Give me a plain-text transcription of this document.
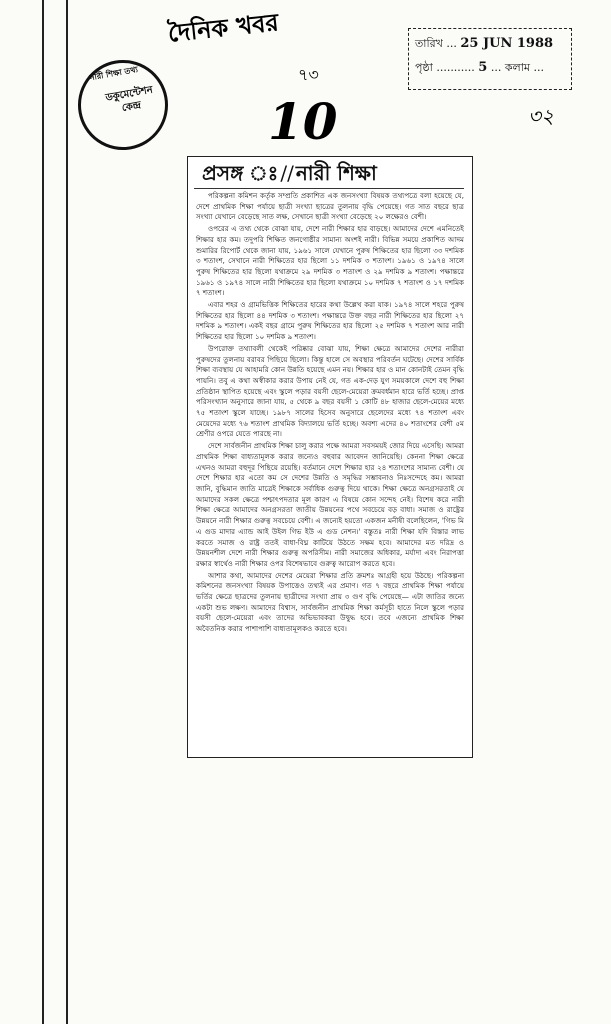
দৈনিক খবর
৭৩
10	৩২
নারী শিক্ষা তথ্য
ডকুমেন্টেশন কেন্দ্র
তারিখ ... 25 JUN 1988
পৃষ্ঠা ........... 5 ... কলাম ...
প্রসঙ্গ ঃ // নারী শিক্ষা

পরিকল্পনা কমিশন কর্তৃক সম্প্রতি প্রকাশিত এক জনসংখ্যা বিষয়ক তথ্যপত্রে বলা হয়েছে যে, দেশে প্রাথমিক শিক্ষা পর্যায়ে ছাত্রী সংখ্যা ছাত্রের তুলনায় বৃদ্ধি পেয়েছে। গত সাত বছরে ছাত্র সংখ্যা যেখানে বেড়েছে সাত লক্ষ, সেখানে ছাত্রী সংখ্যা বেড়েছে ২০ লক্ষেরও বেশী।

ওপরের এ তথ্য থেকে বোঝা যায়, দেশে নারী শিক্ষার হার বাড়ছে। আমাদের দেশে এমনিতেই শিক্ষার হার কম। তদুপরি শিক্ষিত জনগোষ্ঠীর সামান্য অংশই নারী। বিভিন্ন সময়ে প্রকাশিত আদম শুমারির রিপোর্ট থেকে জানা যায়, ১৯৬১ সালে যেখানে পুরুষ শিক্ষিতের হার ছিলো ৩৩ দশমিক ৩ শতাংশ, সেখানে নারী শিক্ষিতের হার ছিলো ১১ দশমিক ৩ শতাংশ। ১৯৬১ ও ১৯৭৪ সালে পুরুষ শিক্ষিতের হার ছিলো যথাক্রমে ২৯ দশমিক ৩ শতাংশ ও ২৯ দশমিক ৯ শতাংশ। পক্ষান্তরে ১৯৬১ ও ১৯৭৪ সালে নারী শিক্ষিতের হার ছিলো যথাক্রমে ১০ দশমিক ৭ শতাংশ ও ১৭ দশমিক ৭ শতাংশ।

এবার শহর ও গ্রামভিত্তিক শিক্ষিতের হারের কথা উল্লেখ করা যাক। ১৯৭৪ সালে শহরে পুরুষ শিক্ষিতের হার ছিলো ৪৪ দশমিক ৩ শতাংশ। পক্ষান্তরে উক্ত বছর নারী শিক্ষিতের হার ছিলো ২৭ দশমিক ৯ শতাংশ। একই বছর গ্রামে পুরুষ শিক্ষিতের হার ছিলো ২৫ দশমিক ৭ শতাংশ আর নারী শিক্ষিতের হার ছিলো ১০ দশমিক ৯ শতাংশ।

উপরোক্ত তথ্যাবলী থেকেই পরিষ্কার বোঝা যায়, শিক্ষা ক্ষেত্রে আমাদের দেশের নারীরা পুরুষদের তুলনায় বরাবর পিছিয়ে ছিলো। কিন্তু হালে সে অবস্থার পরিবর্তন ঘটেছে। দেশের সার্বিক শিক্ষা ব্যবস্থায় যে আহামরি কোন উন্নতি হয়েছে এমন নয়। শিক্ষার হার ও মান কোনটাই তেমন বৃদ্ধি পায়নি। তবু এ কথা অস্বীকার করার উপায় নেই যে, গত এক-দেড় যুগ সময়কালে দেশে বহু শিক্ষা প্রতিষ্ঠান স্থাপিত হয়েছে এবং স্কুলে পড়ার বয়সী ছেলে-মেয়েরা ক্রমবর্ধমান হারে ভর্তি হচ্ছে। প্রাপ্ত পরিসংখ্যান অনুসারে জানা যায়, ৫ থেকে ৯ বছর বয়সী ১ কোটি ৪৮ হাজার ছেলে-মেয়ের মধ্যে ৭৫ শতাংশ স্কুলে যাচ্ছে। ১৯৮৭ সালের হিসেব অনুসারে ছেলেদের মধ্যে ৭৪ শতাংশ এবং মেয়েদের মধ্যে ৭৬ শতাংশ প্রাথমিক বিদ্যালয়ে ভর্তি হচ্ছে। অবশ্য এদের ৪০ শতাংশের বেশী ৫ম শ্রেণীর ওপরে যেতে পারছে না।

দেশে সার্বজনীন প্রাথমিক শিক্ষা চালু করার পক্ষে আমরা সবসময়ই জোর দিয়ে এসেছি। আমরা প্রাথমিক শিক্ষা বাধ্যতামূলক করার জন্যেও বহুবার আবেদন জানিয়েছি। কেননা শিক্ষা ক্ষেত্রে এখনও আমরা বহুদূর পিছিয়ে রয়েছি। বর্তমানে দেশে শিক্ষার হার ২৪ শতাংশের সামান্য বেশী। যে দেশে শিক্ষার হার এতো কম সে দেশের উন্নতি ও সমৃদ্ধির সম্ভাবনাও নিঃসন্দেহে কম। আমরা জানি, বুদ্ধিমান জাতি মাত্রেই শিক্ষাকে সর্বাধিক গুরুত্ব দিয়ে থাকে। শিক্ষা ক্ষেত্রে অনগ্রসরতাই যে আমাদের সকল ক্ষেত্রে পশ্চাৎপদতার মূল কারণ এ বিষয়ে কোন সন্দেহ নেই। বিশেষ করে নারী শিক্ষা ক্ষেত্রে আমাদের অনগ্রসরতা জাতীয় উন্নয়নের পথে সবচেয়ে বড় বাধা। সমাজ ও রাষ্ট্রের উন্নয়নে নারী শিক্ষার গুরুত্ব সবচেয়ে বেশী। এ জন্যেই হয়তো একজন মনীষী বলেছিলেন, 'গিভ মি এ গুড মাদার এ্যান্ড আই উইল গিভ ইউ এ গুড নেশন।' বস্তুতঃ নারী শিক্ষা যদি বিস্তার লাভ করতে সমাজ ও রাষ্ট্র ততই বাধা-বিঘ্ন কাটিয়ে উঠতে সক্ষম হবে। আমাদের মত দরিদ্র ও উন্নয়নশীল দেশে নারী শিক্ষার গুরুত্ব অপরিসীম। নারী সমাজের অধিকার, মর্যাদা এবং নিরাপত্তা রক্ষার স্বার্থেও নারী শিক্ষার ওপর বিশেষভাবে গুরুত্ব আরোপ করতে হবে।

আশার কথা, আমাদের দেশের মেয়েরা শিক্ষার প্রতি ক্রমশঃ আগ্রহী হয়ে উঠছে। পরিকল্পনা কমিশনের জনসংখ্যা বিষয়ক উপাত্তেও তথ্যই এর প্রমাণ। গত ৭ বছরে প্রাথমিক শিক্ষা পর্যায়ে ভর্তির ক্ষেত্রে ছাত্রদের তুলনায় ছাত্রীদের সংখ্যা প্রায় ৩ গুণ বৃদ্ধি পেয়েছে— এটা জাতির জন্যে একটা শুভ লক্ষণ। আমাদের বিশ্বাস, সার্বজনীন প্রাথমিক শিক্ষা কর্মসূচী হাতে নিলে স্কুলে পড়ার বয়সী ছেলে-মেয়েরা এবং তাদের অভিভাবকরা উদ্বুদ্ধ হবে। তবে এজন্যে প্রাথমিক শিক্ষা অবৈতনিক করার পাশাপাশি বাধ্যতামূলকও করতে হবে।
